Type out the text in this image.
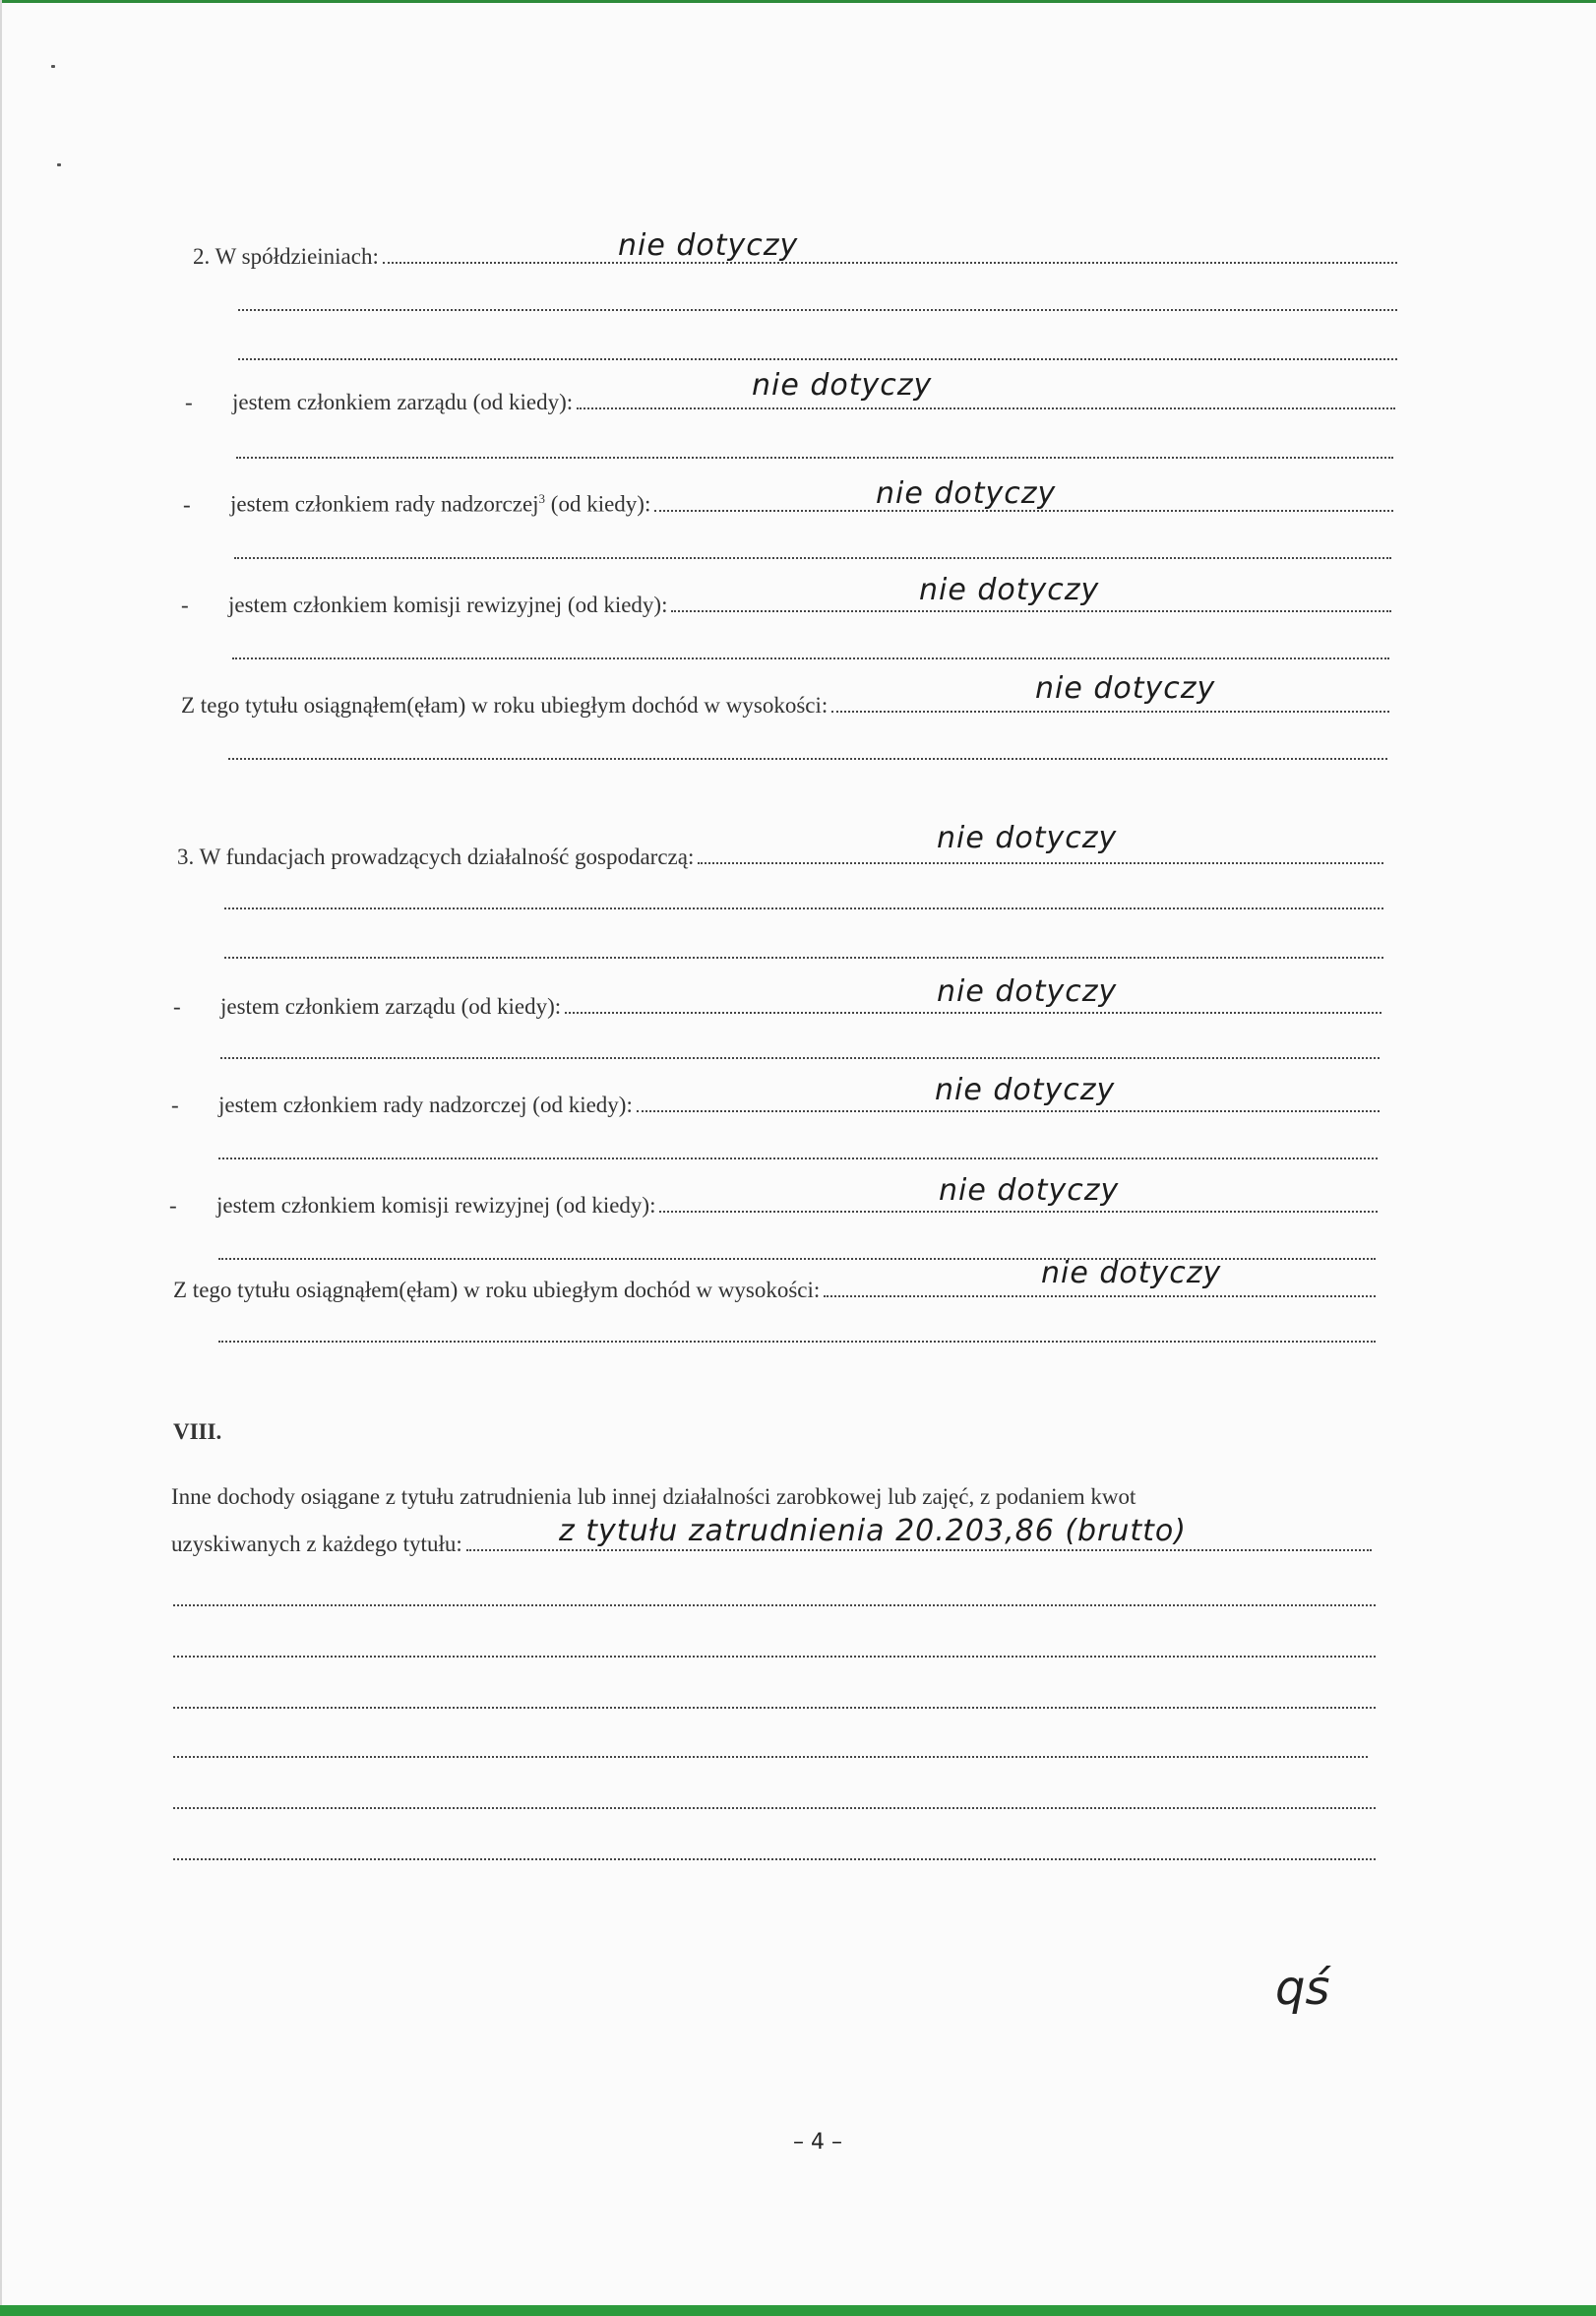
2. W spółdzieiniach:	nie dotyczy
-	jestem członkiem zarządu (od kiedy):	nie dotyczy
-	jestem członkiem rady nadzorczej$^3$ (od kiedy):	nie dotyczy
-	jestem członkiem komisji rewizyjnej (od kiedy):	nie dotyczy
Z tego tytułu osiągnąłem(ęłam) w roku ubiegłym dochód w wysokości:	nie dotyczy
3. W fundacjach prowadzących działalność gospodarczą:
nie dotyczy
-	jestem członkiem zarządu (od kiedy):	nie dotyczy
-	jestem członkiem rady nadzorczej (od kiedy):	nie dotyczy
-	jestem członkiem komisji rewizyjnej (od kiedy):	nie dotyczy
Z tego tytułu osiągnąłem(ęłam) w roku ubiegłym dochód w wysokości:	nie dotyczy
VIII.
Inne dochody osiągane z tytułu zatrudnienia lub innej działalności zarobkowej lub zajęć, z podaniem kwot
uzyskiwanych z każdego tytułu:	z tytułu zatrudnienia 20.203,86 (brutto)
qś
– 4 –
